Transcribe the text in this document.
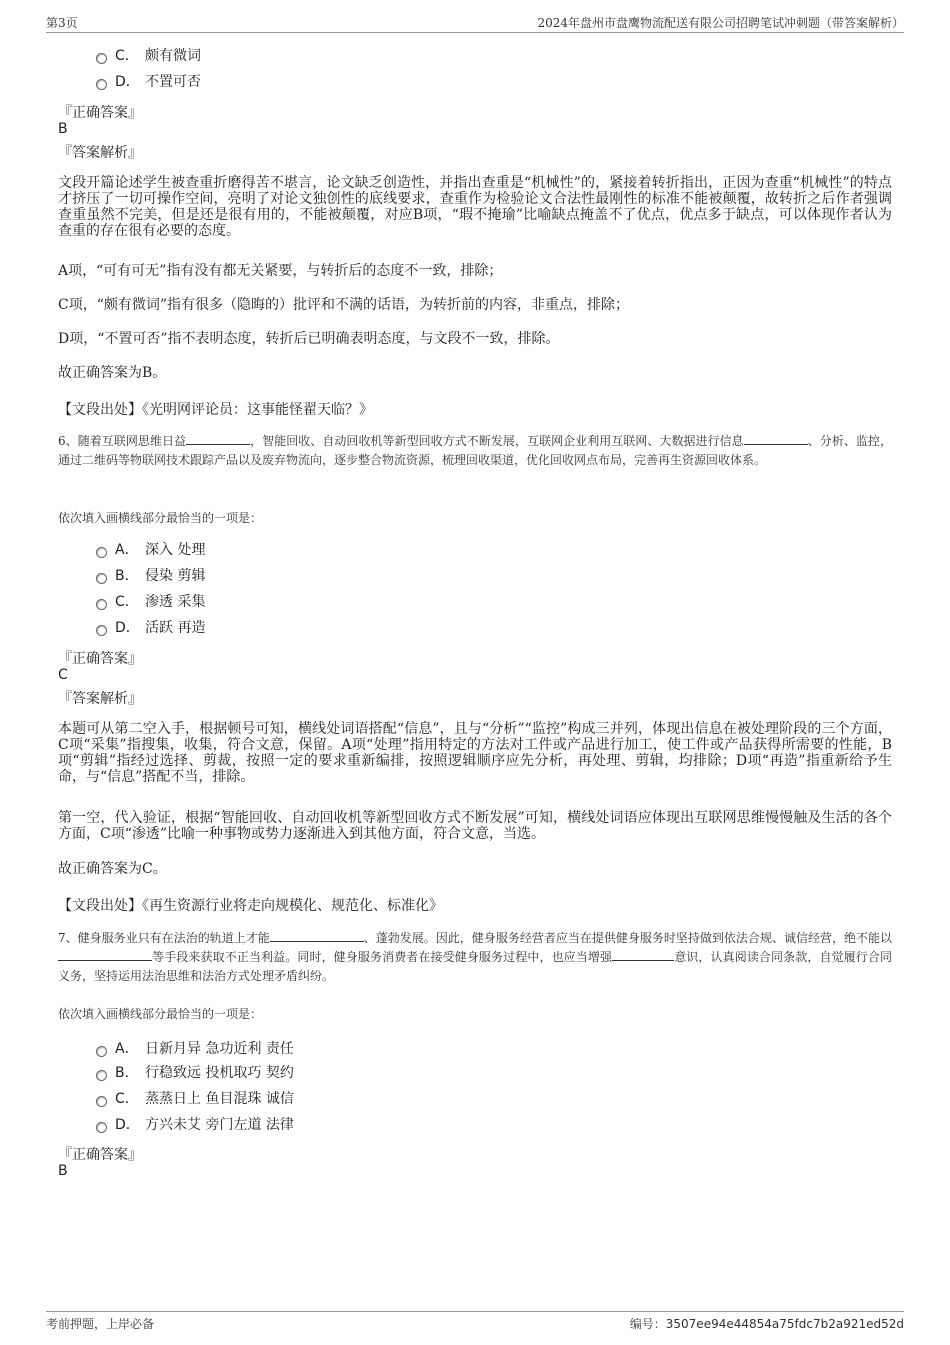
第3页	2024年盘州市盘鹰物流配送有限公司招聘笔试冲刺题（带答案解析）
C． 颇有微词
D． 不置可否
『正确答案』
B
『答案解析』
文段开篇论述学生被查重折磨得苦不堪言，论文缺乏创造性，并指出查重是“机械性”的，紧接着转折指出，正因为查重“机械性”的特点才挤压了一切可操作空间，亮明了对论文独创性的底线要求，查重作为检验论文合法性最刚性的标准不能被颠覆，故转折之后作者强调查重虽然不完美，但是还是很有用的，不能被颠覆，对应B项，“瑕不掩瑜”比喻缺点掩盖不了优点，优点多于缺点，可以体现作者认为查重的存在很有必要的态度。
A项，“可有可无”指有没有都无关紧要，与转折后的态度不一致，排除；
C项，“颇有微词”指有很多（隐晦的）批评和不满的话语，为转折前的内容，非重点，排除；
D项，“不置可否”指不表明态度，转折后已明确表明态度，与文段不一致，排除。
故正确答案为B。
【文段出处】《光明网评论员：这事能怪翟天临？》
6、随着互联网思维日益	，智能回收、自动回收机等新型回收方式不断发展，互联网企业利用互联网、大数据进行信息	、分析、监控，通过二维码等物联网技术跟踪产品以及废弃物流向，逐步整合物流资源，梳理回收渠道，优化回收网点布局，完善再生资源回收体系。
依次填入画横线部分最恰当的一项是：
A． 深入 处理
B． 侵染 剪辑
C． 渗透 采集
D． 活跃 再造
『正确答案』
C
『答案解析』
本题可从第二空入手，根据顿号可知，横线处词语搭配“信息”，且与“分析”“监控”构成三并列，体现出信息在被处理阶段的三个方面，C项“采集”指搜集，收集，符合文意，保留。A项“处理”指用特定的方法对工件或产品进行加工，使工件或产品获得所需要的性能，B项“剪辑”指经过选择、剪裁，按照一定的要求重新编排，按照逻辑顺序应先分析，再处理、剪辑，均排除；D项“再造”指重新给予生命，与“信息”搭配不当，排除。
第一空，代入验证，根据“智能回收、自动回收机等新型回收方式不断发展”可知，横线处词语应体现出互联网思维慢慢触及生活的各个方面，C项“渗透”比喻一种事物或势力逐渐进入到其他方面，符合文意，当选。
故正确答案为C。
【文段出处】《再生资源行业将走向规模化、规范化、标准化》
7、健身服务业只有在法治的轨道上才能	、蓬勃发展。因此，健身服务经营者应当在提供健身服务时坚持做到依法合规、诚信经营，绝不能以等手段来获取不正当利益。同时，健身服务消费者在接受健身服务过程中，也应当增强	意识，认真阅读合同条款，自觉履行合同义务，坚持运用法治思维和法治方式处理矛盾纠纷。
依次填入画横线部分最恰当的一项是：
A． 日新月异 急功近利 责任
B． 行稳致远 投机取巧 契约
C． 蒸蒸日上 鱼目混珠 诚信
D． 方兴未艾 旁门左道 法律
『正确答案』
B
考前押题，上岸必备	编号：3507ee94e44854a75fdc7b2a921ed52d
